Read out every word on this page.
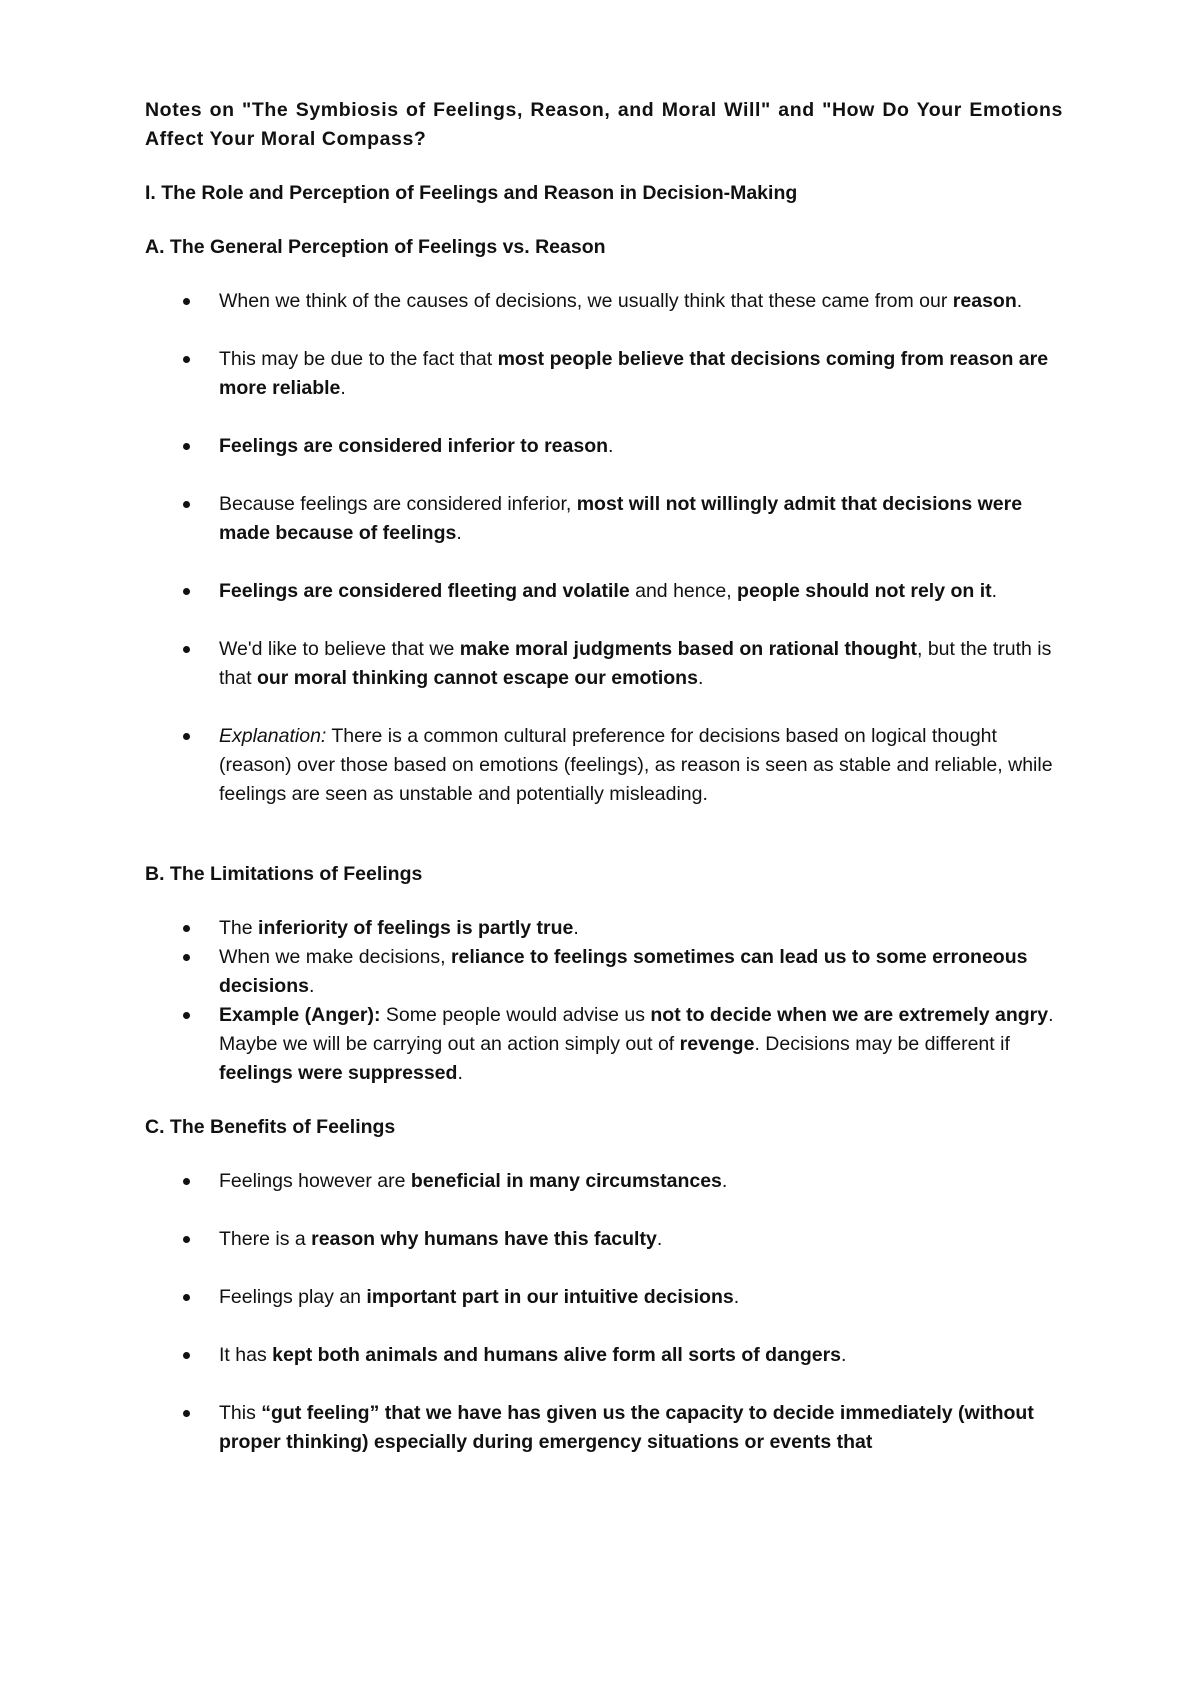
Notes on "The Symbiosis of Feelings, Reason, and Moral Will" and "How Do Your Emotions Affect Your Moral Compass?
I. The Role and Perception of Feelings and Reason in Decision-Making
A. The General Perception of Feelings vs. Reason
When we think of the causes of decisions, we usually think that these came from our reason.
This may be due to the fact that most people believe that decisions coming from reason are more reliable.
Feelings are considered inferior to reason.
Because feelings are considered inferior, most will not willingly admit that decisions were made because of feelings.
Feelings are considered fleeting and volatile and hence, people should not rely on it.
We'd like to believe that we make moral judgments based on rational thought, but the truth is that our moral thinking cannot escape our emotions.
Explanation: There is a common cultural preference for decisions based on logical thought (reason) over those based on emotions (feelings), as reason is seen as stable and reliable, while feelings are seen as unstable and potentially misleading.
B. The Limitations of Feelings
The inferiority of feelings is partly true.
When we make decisions, reliance to feelings sometimes can lead us to some erroneous decisions.
Example (Anger): Some people would advise us not to decide when we are extremely angry. Maybe we will be carrying out an action simply out of revenge. Decisions may be different if feelings were suppressed.
C. The Benefits of Feelings
Feelings however are beneficial in many circumstances.
There is a reason why humans have this faculty.
Feelings play an important part in our intuitive decisions.
It has kept both animals and humans alive form all sorts of dangers.
This “gut feeling” that we have has given us the capacity to decide immediately (without proper thinking) especially during emergency situations or events that
